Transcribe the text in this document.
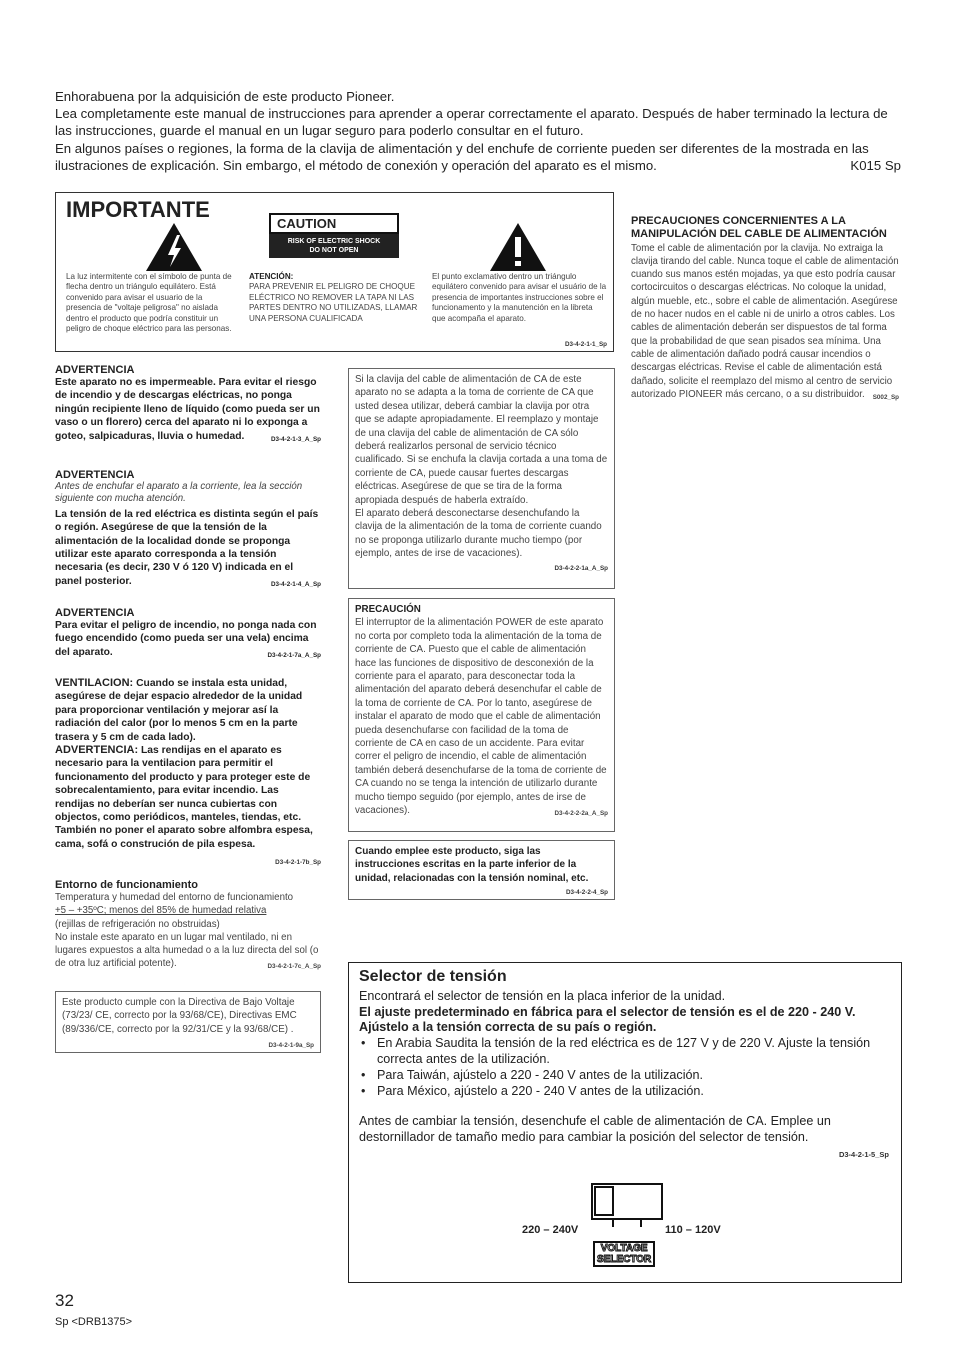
Enhorabuena por la adquisición de este producto Pioneer.

Lea completamente este manual de instrucciones para aprender a operar correctamente el aparato. Después de haber terminado la lectura de las instrucciones, guarde el manual en un lugar seguro para poderlo consultar en el futuro.

En algunos países o regiones, la forma de la clavija de alimentación y del enchufe de corriente pueden ser diferentes de la mostrada en las ilustraciones de explicación. Sin embargo, el método de conexión y operación del aparato es el mismo.	K015 Sp

IMPORTANTE
CAUTION
RISK OF ELECTRIC SHOCK
DO NOT OPEN
La luz intermitente con el símbolo de punta de flecha dentro un triángulo equilátero. Está convenido para avisar el usuario de la presencia de "voltaje peligrosa" no aislada dentro el producto que podría constituir un peligro de choque eléctrico para las personas.
ATENCIÓN:
PARA PREVENIR EL PELIGRO DE CHOQUE ELÉCTRICO NO REMOVER LA TAPA NI LAS PARTES DENTRO NO UTILIZADAS, LLAMAR UNA PERSONA CUALIFICADA
El punto exclamativo dentro un triángulo equilátero convenido para avisar el usuário de la presencia de importantes instrucciones sobre el funcionamento y la manutención en la libreta que acompaña el aparato.
D3-4-2-1-1_Sp
PRECAUCIONES CONCERNIENTES A LA MANIPULACIÓN DEL CABLE DE ALIMENTACIÓN
Tome el cable de alimentación por la clavija. No extraiga la clavija tirando del cable. Nunca toque el cable de alimentación cuando sus manos estén mojadas, ya que esto podría causar cortocircuitos o descargas eléctricas. No coloque la unidad, algún mueble, etc., sobre el cable de alimentación. Asegúrese de no hacer nudos en el cable ni de unirlo a otros cables. Los cables de alimentación deberán ser dispuestos de tal forma que la probabilidad de que sean pisados sea mínima. Una cable de alimentación dañado podrá causar incendios o descargas eléctricas. Revise el cable de alimentación está dañado, solicite el reemplazo del mismo al centro de servicio autorizado PIONEER más cercano, o a su distribuidor. S002_Sp
ADVERTENCIA
Este aparato no es impermeable. Para evitar el riesgo de incendio y de descargas eléctricas, no ponga ningún recipiente lleno de líquido (como pueda ser un vaso o un florero) cerca del aparato ni lo exponga a goteo, salpicaduras, lluvia o humedad.	D3-4-2-1-3_A_Sp
ADVERTENCIA
Antes de enchufar el aparato a la corriente, lea la sección siguiente con mucha atención.
La tensión de la red eléctrica es distinta según el país o región. Asegúrese de que la tensión de la alimentación de la localidad donde se proponga utilizar este aparato corresponda a la tensión necesaria (es decir, 230 V ó 120 V) indicada en el panel posterior.	D3-4-2-1-4_A_Sp
ADVERTENCIA
Para evitar el peligro de incendio, no ponga nada con fuego encendido (como pueda ser una vela) encima del aparato.	D3-4-2-1-7a_A_Sp
VENTILACION: Cuando se instala esta unidad, asegúrese de dejar espacio alrededor de la unidad para proporcionar ventilación y mejorar así la radiación del calor (por lo menos 5 cm en la parte trasera y 5 cm de cada lado).
ADVERTENCIA: Las rendijas en el aparato es necesario para la ventilacion para permitir el funcionamento del producto y para proteger este de sobrecalentamiento, para evitar incendio. Las rendijas no deberían ser nunca cubiertas con objectos, como periódicos, manteles, tiendas, etc. También no poner el aparato sobre alfombra espesa, cama, sofá o construción de pila espesa.
D3-4-2-1-7b_Sp
Entorno de funcionamiento
Temperatura y humedad del entorno de funcionamiento
+5 – +35ºC; menos del 85% de humedad relativa
(rejillas de refrigeración no obstruidas)
No instale este aparato en un lugar mal ventilado, ni en lugares expuestos a alta humedad o a la luz directa del sol (o de otra luz artificial potente).	D3-4-2-1-7c_A_Sp
Este producto cumple con la Directiva de Bajo Voltaje (73/23/ CE, correcto por la 93/68/CE), Directivas EMC (89/336/CE, correcto por la 92/31/CE y la 93/68/CE) .
D3-4-2-1-9a_Sp
Si la clavija del cable de alimentación de CA de este aparato no se adapta a la toma de corriente de CA que usted desea utilizar, deberá cambiar la clavija por otra que se adapte apropiadamente. El reemplazo y montaje de una clavija del cable de alimentación de CA sólo deberá realizarlos personal de servicio técnico cualificado. Si se enchufa la clavija cortada a una toma de corriente de CA, puede causar fuertes descargas eléctricas. Asegúrese de que se tira de la forma apropiada después de haberla extraído.
El aparato deberá desconectarse desenchufando la clavija de la alimentación de la toma de corriente cuando no se proponga utilizarlo durante mucho tiempo (por ejemplo, antes de irse de vacaciones).
D3-4-2-2-1a_A_Sp
PRECAUCIÓN
El interruptor de la alimentación POWER de este aparato no corta por completo toda la alimentación de la toma de corriente de CA. Puesto que el cable de alimentación hace las funciones de dispositivo de desconexión de la corriente para el aparato, para desconectar toda la alimentación del aparato deberá desenchufar el cable de la toma de corriente de CA. Por lo tanto, asegúrese de instalar el aparato de modo que el cable de alimentación pueda desenchufarse con facilidad de la toma de corriente de CA en caso de un accidente. Para evitar correr el peligro de incendio, el cable de alimentación también deberá desenchufarse de la toma de corriente de CA cuando no se tenga la intención de utilizarlo durante mucho tiempo seguido (por ejemplo, antes de irse de vacaciones).	D3-4-2-2-2a_A_Sp
Cuando emplee este producto, siga las instrucciones escritas en la parte inferior de la unidad, relacionadas con la tensión nominal, etc.
D3-4-2-2-4_Sp
Selector de tensión
Encontrará el selector de tensión en la placa inferior de la unidad.
El ajuste predeterminado en fábrica para el selector de tensión es el de 220 - 240 V.
Ajústelo a la tensión correcta de su país o región.
• En Arabia Saudita la tensión de la red eléctrica es de 127 V y de 220 V. Ajuste la tensión correcta antes de la utilización.
• Para Taiwán, ajústelo a 220 - 240 V antes de la utilización.
• Para México, ajústelo a 220 - 240 V antes de la utilización.
Antes de cambiar la tensión, desenchufe el cable de alimentación de CA. Emplee un destornillador de tamaño medio para cambiar la posición del selector de tensión.
D3-4-2-1-5_Sp
220 – 240V	110 – 120V
VOLTAGE
SELECTOR
32
Sp <DRB1375>
